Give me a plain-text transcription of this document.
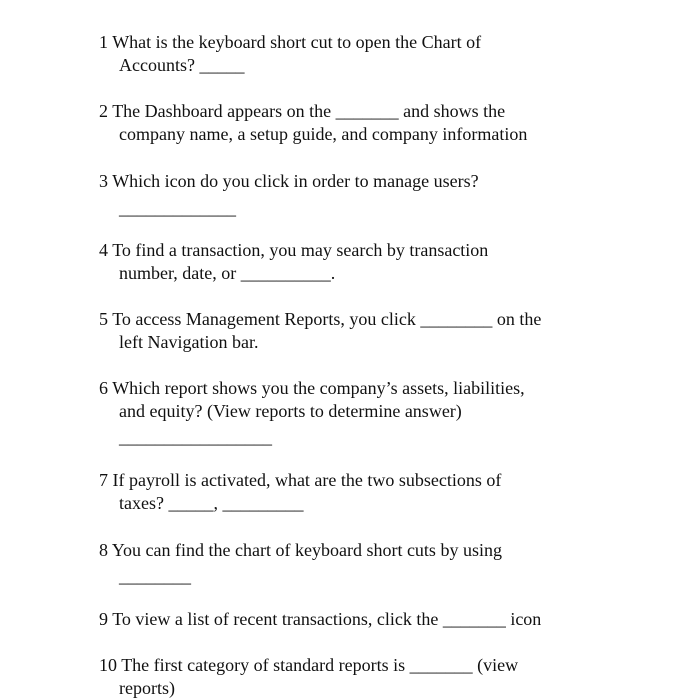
1 What is the keyboard short cut to open the Chart of
Accounts? _____
2 The Dashboard appears on the _______ and shows the
company name, a setup guide, and company information
3 Which icon do you click in order to manage users?
_____________
4 To find a transaction, you may search by transaction
number, date, or __________.
5 To access Management Reports, you click ________ on the
left Navigation bar.
6 Which report shows you the company’s assets, liabilities,
and equity? (View reports to determine answer)
_________________
7 If payroll is activated, what are the two subsections of
taxes? _____, _________
8 You can find the chart of keyboard short cuts by using
________
9 To view a list of recent transactions, click the _______ icon
10 The first category of standard reports is _______ (view
reports)
